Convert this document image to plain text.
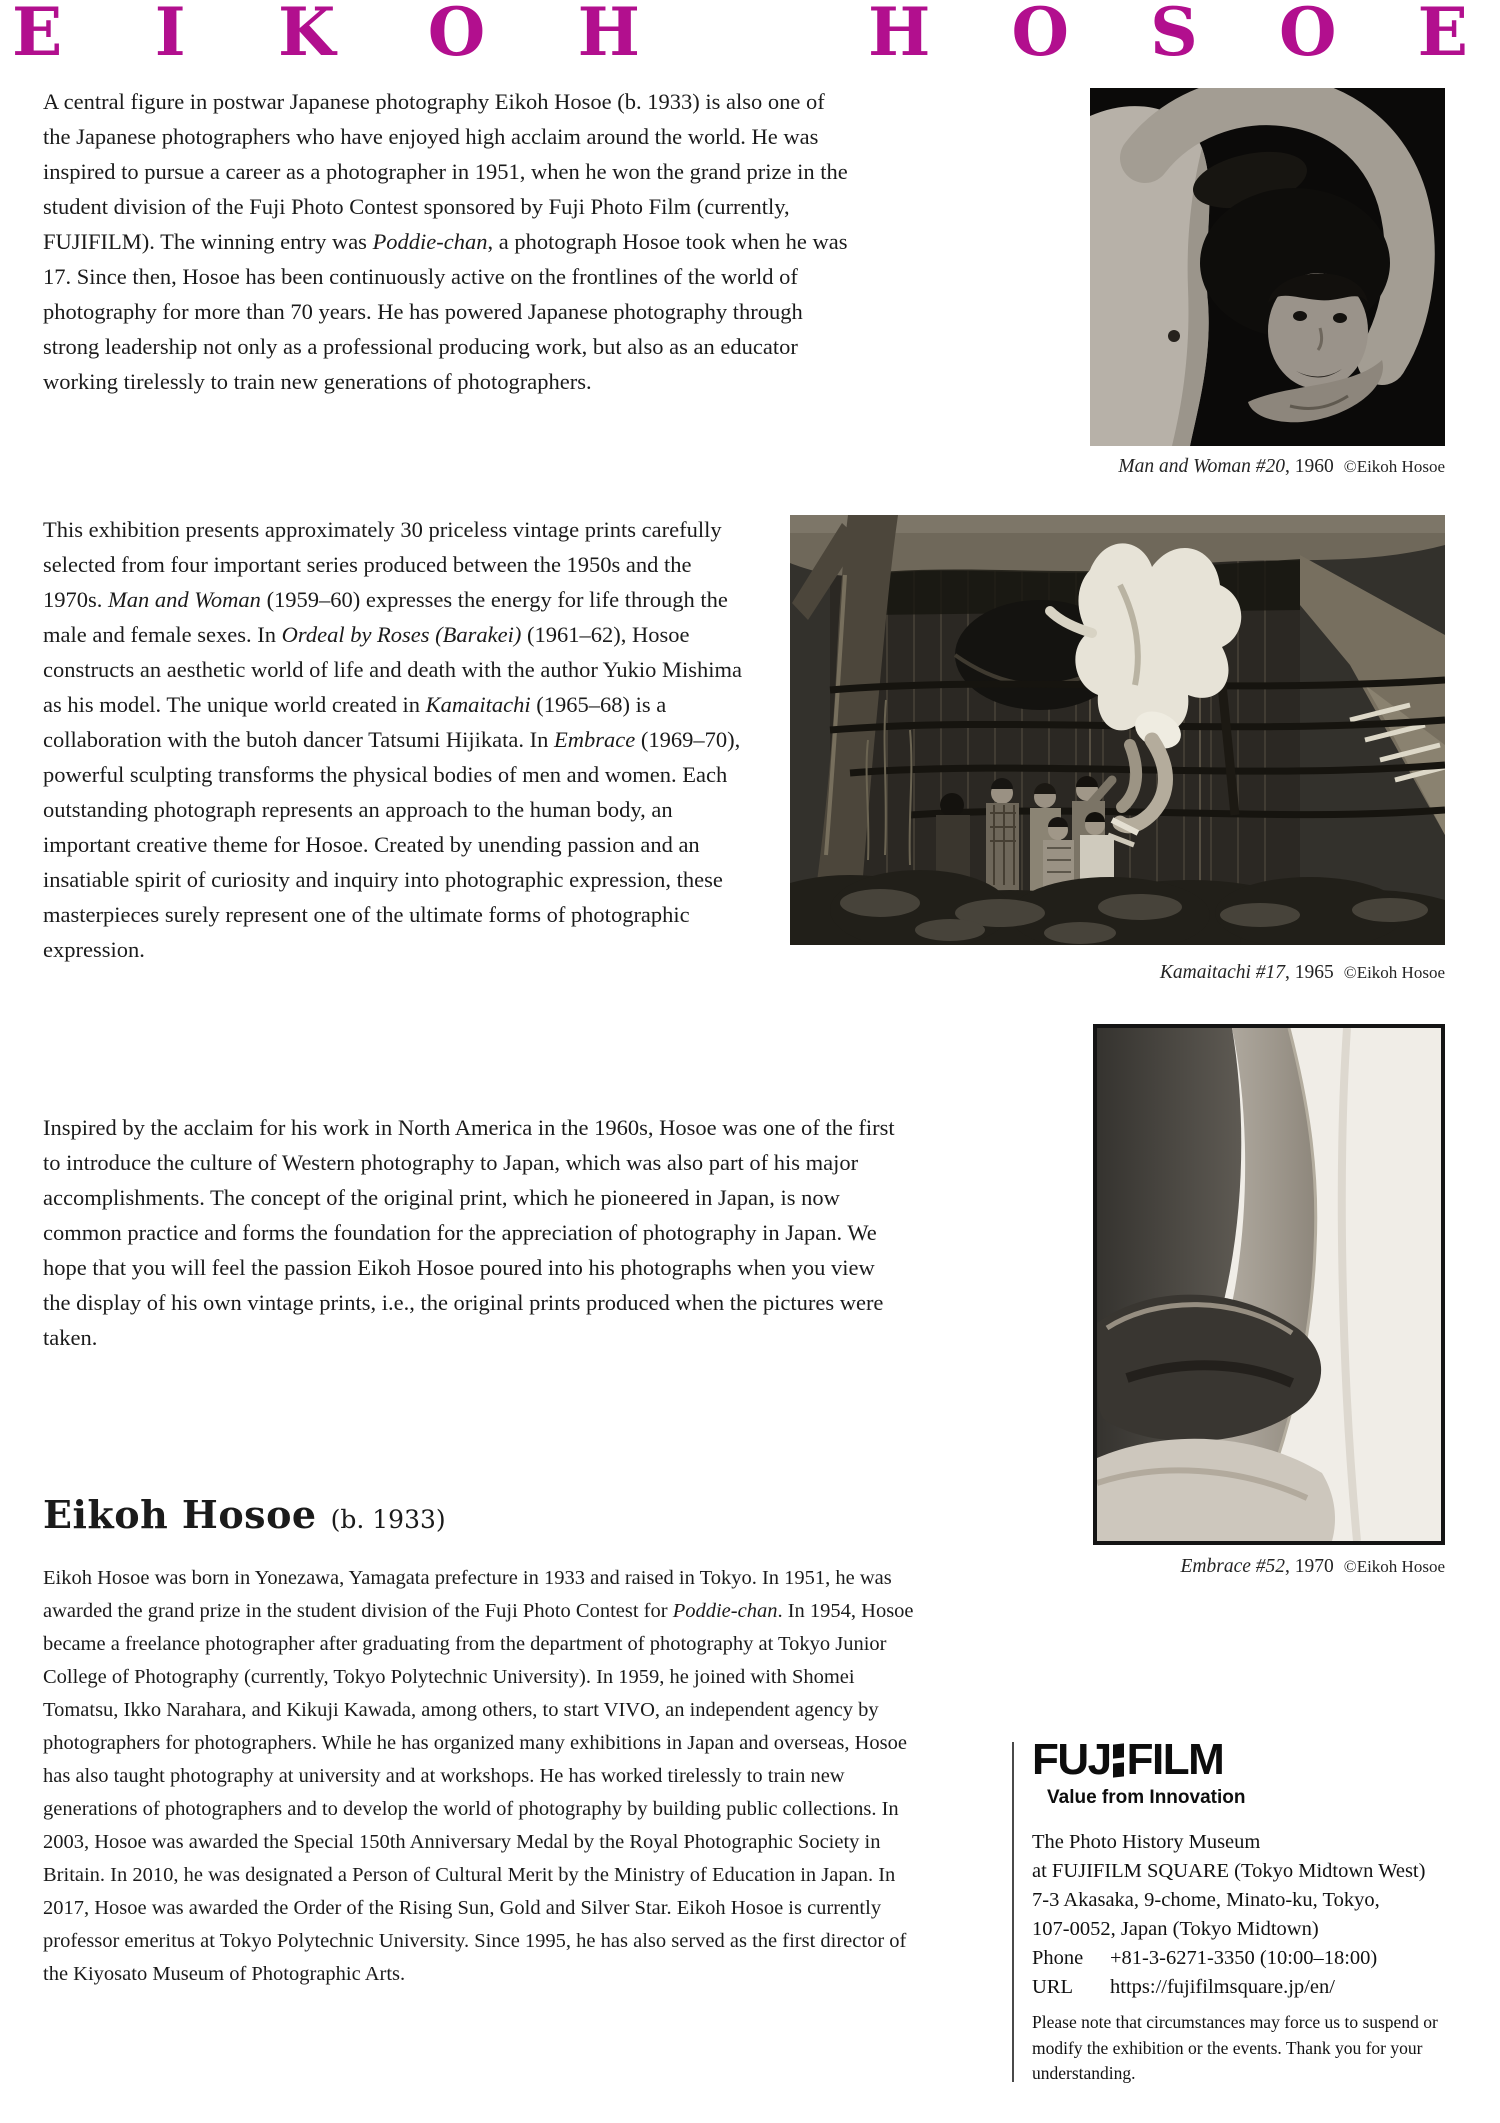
E I K O H	H O S O E

A central figure in postwar Japanese photography Eikoh Hosoe (b. 1933) is also one of the Japanese photographers who have enjoyed high acclaim around the world. He was inspired to pursue a career as a photographer in 1951, when he won the grand prize in the student division of the Fuji Photo Contest sponsored by Fuji Photo Film (currently, FUJIFILM). The winning entry was Poddie-chan, a photograph Hosoe took when he was 17. Since then, Hosoe has been continuously active on the frontlines of the world of photography for more than 70 years. He has powered Japanese photography through strong leadership not only as a professional producing work, but also as an educator working tirelessly to train new generations of photographers.

This exhibition presents approximately 30 priceless vintage prints carefully selected from four important series produced between the 1950s and the 1970s. Man and Woman (1959–60) expresses the energy for life through the male and female sexes. In Ordeal by Roses (Barakei) (1961–62), Hosoe constructs an aesthetic world of life and death with the author Yukio Mishima as his model. The unique world created in Kamaitachi (1965–68) is a collaboration with the butoh dancer Tatsumi Hijikata. In Embrace (1969–70), powerful sculpting transforms the physical bodies of men and women. Each outstanding photograph represents an approach to the human body, an important creative theme for Hosoe. Created by unending passion and an insatiable spirit of curiosity and inquiry into photographic expression, these masterpieces surely represent one of the ultimate forms of photographic expression.

Inspired by the acclaim for his work in North America in the 1960s, Hosoe was one of the first to introduce the culture of Western photography to Japan, which was also part of his major accomplishments. The concept of the original print, which he pioneered in Japan, is now common practice and forms the foundation for the appreciation of photography in Japan. We hope that you will feel the passion Eikoh Hosoe poured into his photographs when you view the display of his own vintage prints, i.e., the original prints produced when the pictures were taken.

Man and Woman #20, 1960 ©Eikoh Hosoe
Kamaitachi #17, 1965 ©Eikoh Hosoe
Embrace #52, 1970 ©Eikoh Hosoe
Eikoh Hosoe (b. 1933)

Eikoh Hosoe was born in Yonezawa, Yamagata prefecture in 1933 and raised in Tokyo. In 1951, he was awarded the grand prize in the student division of the Fuji Photo Contest for Poddie-chan. In 1954, Hosoe became a freelance photographer after graduating from the department of photography at Tokyo Junior College of Photography (currently, Tokyo Polytechnic University). In 1959, he joined with Shomei Tomatsu, Ikko Narahara, and Kikuji Kawada, among others, to start VIVO, an independent agency by photographers for photographers. While he has organized many exhibitions in Japan and overseas, Hosoe has also taught photography at university and at workshops. He has worked tirelessly to train new generations of photographers and to develop the world of photography by building public collections. In 2003, Hosoe was awarded the Special 150th Anniversary Medal by the Royal Photographic Society in Britain. In 2010, he was designated a Person of Cultural Merit by the Ministry of Education in Japan. In 2017, Hosoe was awarded the Order of the Rising Sun, Gold and Silver Star. Eikoh Hosoe is currently professor emeritus at Tokyo Polytechnic University. Since 1995, he has also served as the first director of the Kiyosato Museum of Photographic Arts.

FUJ FILM
Value from Innovation
The Photo History Museum
at FUJIFILM SQUARE (Tokyo Midtown West)
7-3 Akasaka, 9-chome, Minato-ku, Tokyo,
107-0052, Japan (Tokyo Midtown)
Phone	+81-3-6271-3350 (10:00–18:00)
URL	https://fujifilmsquare.jp/en/

Please note that circumstances may force us to suspend or modify the exhibition or the events. Thank you for your understanding.
